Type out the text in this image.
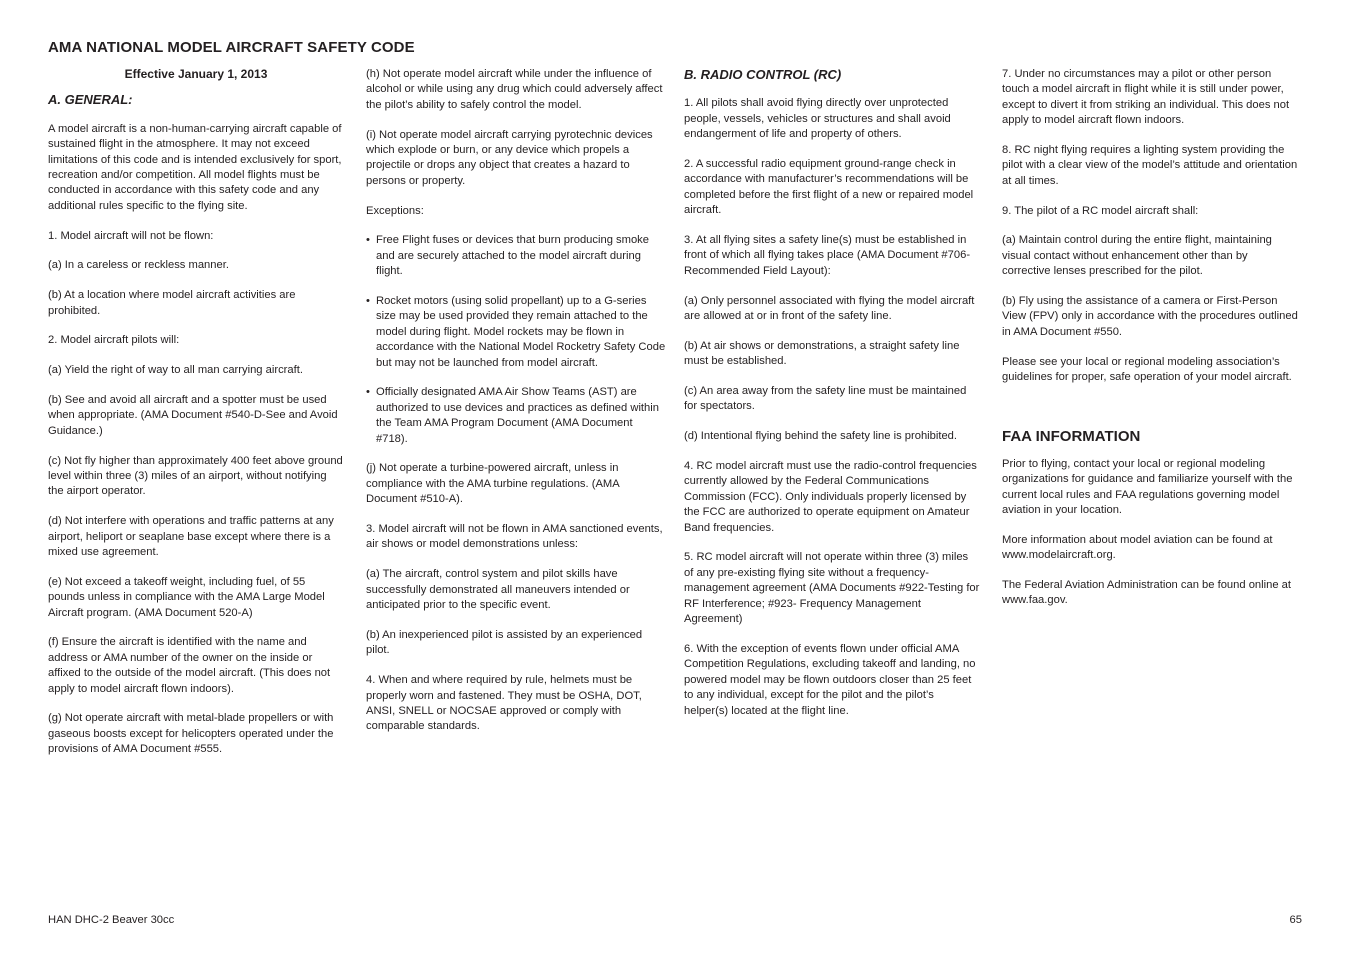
AMA NATIONAL MODEL AIRCRAFT SAFETY CODE

Effective January 1, 2013

A. GENERAL:

A model aircraft is a non-human-carrying aircraft capable of sustained flight in the atmosphere. It may not exceed limitations of this code and is intended exclusively for sport, recreation and/or competition. All model flights must be conducted in accordance with this safety code and any additional rules specific to the flying site.

1. Model aircraft will not be flown:

(a) In a careless or reckless manner.

(b) At a location where model aircraft activities are prohibited.

2. Model aircraft pilots will:

(a) Yield the right of way to all man carrying aircraft.

(b) See and avoid all aircraft and a spotter must be used when appropriate. (AMA Document #540-D-See and Avoid Guidance.)

(c) Not fly higher than approximately 400 feet above ground level within three (3) miles of an airport, without notifying the airport operator.

(d) Not interfere with operations and traffic patterns at any airport, heliport or seaplane base except where there is a mixed use agreement.

(e) Not exceed a takeoff weight, including fuel, of 55 pounds unless in compliance with the AMA Large Model Aircraft program. (AMA Document 520-A)

(f) Ensure the aircraft is identified with the name and address or AMA number of the owner on the inside or affixed to the outside of the model aircraft. (This does not apply to model aircraft flown indoors).

(g) Not operate aircraft with metal-blade propellers or with gaseous boosts except for helicopters operated under the provisions of AMA Document #555.

(h) Not operate model aircraft while under the influence of alcohol or while using any drug which could adversely affect the pilot’s ability to safely control the model.

(i) Not operate model aircraft carrying pyrotechnic devices which explode or burn, or any device which propels a projectile or drops any object that creates a hazard to persons or property.

Exceptions:

• Free Flight fuses or devices that burn producing smoke and are securely attached to the model aircraft during flight.
• Rocket motors (using solid propellant) up to a G-series size may be used provided they remain attached to the model during flight. Model rockets may be flown in accordance with the National Model Rocketry Safety Code but may not be launched from model aircraft.
• Officially designated AMA Air Show Teams (AST) are authorized to use devices and practices as defined within the Team AMA Program Document (AMA Document #718).

(j) Not operate a turbine-powered aircraft, unless in compliance with the AMA turbine regulations. (AMA Document #510-A).

3. Model aircraft will not be flown in AMA sanctioned events, air shows or model demonstrations unless:

(a) The aircraft, control system and pilot skills have successfully demonstrated all maneuvers intended or anticipated prior to the specific event.

(b) An inexperienced pilot is assisted by an experienced pilot.

4. When and where required by rule, helmets must be properly worn and fastened. They must be OSHA, DOT, ANSI, SNELL or NOCSAE approved or comply with comparable standards.

B. RADIO CONTROL (RC)

1. All pilots shall avoid flying directly over unprotected people, vessels, vehicles or structures and shall avoid endangerment of life and property of others.

2. A successful radio equipment ground-range check in accordance with manufacturer’s recommendations will be completed before the first flight of a new or repaired model aircraft.

3. At all flying sites a safety line(s) must be established in front of which all flying takes place (AMA Document #706-Recommended Field Layout):

(a) Only personnel associated with flying the model aircraft are allowed at or in front of the safety line.

(b) At air shows or demonstrations, a straight safety line must be established.

(c) An area away from the safety line must be maintained for spectators.

(d) Intentional flying behind the safety line is prohibited.

4. RC model aircraft must use the radio-control frequencies currently allowed by the Federal Communications Commission (FCC). Only individuals properly licensed by the FCC are authorized to operate equipment on Amateur Band frequencies.

5. RC model aircraft will not operate within three (3) miles of any pre-existing flying site without a frequency-management agreement (AMA Documents #922-Testing for RF Interference; #923- Frequency Management Agreement)

6. With the exception of events flown under official AMA Competition Regulations, excluding takeoff and landing, no powered model may be flown outdoors closer than 25 feet to any individual, except for the pilot and the pilot’s helper(s) located at the flight line.

7. Under no circumstances may a pilot or other person touch a model aircraft in flight while it is still under power, except to divert it from striking an individual. This does not apply to model aircraft flown indoors.

8. RC night flying requires a lighting system providing the pilot with a clear view of the model’s attitude and orientation at all times.

9. The pilot of a RC model aircraft shall:

(a) Maintain control during the entire flight, maintaining visual contact without enhancement other than by corrective lenses prescribed for the pilot.

(b) Fly using the assistance of a camera or First-Person View (FPV) only in accordance with the procedures outlined in AMA Document #550.

Please see your local or regional modeling association’s guidelines for proper, safe operation of your model aircraft.

FAA INFORMATION

Prior to flying, contact your local or regional modeling organizations for guidance and familiarize yourself with the current local rules and FAA regulations governing model aviation in your location.

More information about model aviation can be found at www.modelaircraft.org.

The Federal Aviation Administration can be found online at www.faa.gov.

HAN DHC-2 Beaver 30cc	65
